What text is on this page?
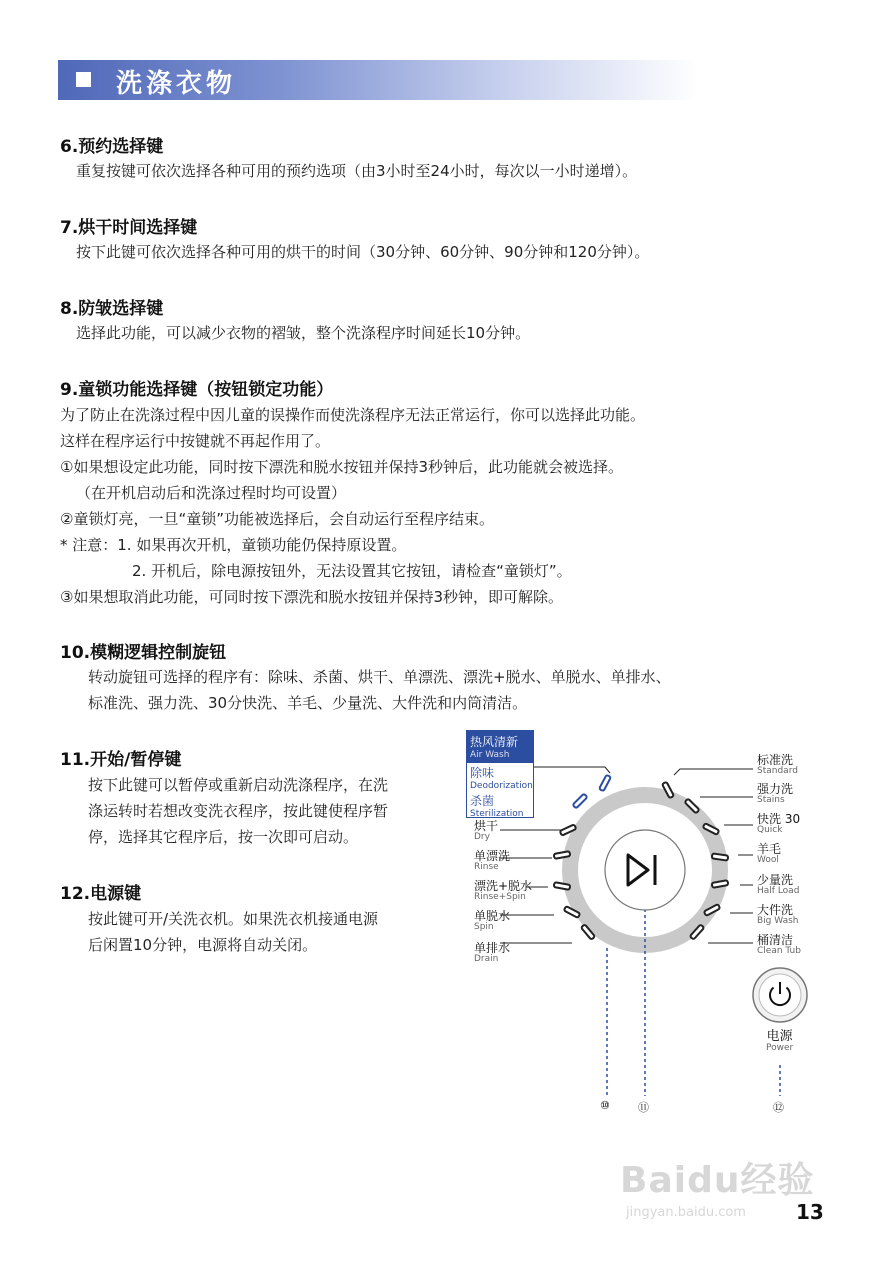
洗涤衣物
6.预约选择键
重复按键可依次选择各种可用的预约选项（由3小时至24小时，每次以一小时递增）。
7.烘干时间选择键
按下此键可依次选择各种可用的烘干的时间（30分钟、60分钟、90分钟和120分钟）。
8.防皱选择键
选择此功能，可以减少衣物的褶皱，整个洗涤程序时间延长10分钟。
9.童锁功能选择键（按钮锁定功能）
为了防止在洗涤过程中因儿童的误操作而使洗涤程序无法正常运行，你可以选择此功能。
这样在程序运行中按键就不再起作用了。
①如果想设定此功能，同时按下漂洗和脱水按钮并保持3秒钟后，此功能就会被选择。
（在开机启动后和洗涤过程时均可设置）
②童锁灯亮，一旦“童锁”功能被选择后，会自动运行至程序结束。
* 注意：1. 如果再次开机，童锁功能仍保持原设置。
2. 开机后，除电源按钮外，无法设置其它按钮，请检查“童锁灯”。
③如果想取消此功能，可同时按下漂洗和脱水按钮并保持3秒钟，即可解除。
10.模糊逻辑控制旋钮
转动旋钮可选择的程序有：除味、杀菌、烘干、单漂洗、漂洗+脱水、单脱水、单排水、
标准洗、强力洗、30分快洗、羊毛、少量洗、大件洗和内筒清洁。
11.开始/暂停键
按下此键可以暂停或重新启动洗涤程序，在洗
涤运转时若想改变洗衣程序，按此键使程序暂
停，选择其它程序后，按一次即可启动。
12.电源键
按此键可开/关洗衣机。如果洗衣机接通电源
后闲置10分钟，电源将自动关闭。
热风清新
Air Wash
除味
Deodorization
杀菌
Sterilization
烘干
Dry
单漂洗
Rinse
漂洗+脱水
Rinse+Spin
单脱水
Spin
单排水
Drain
标准洗
Standard
强力洗
Stains
快洗 30
Quick
羊毛
Wool
少量洗
Half Load
大件洗
Big Wash
桶清洁
Clean Tub
电源
Power
⑩	⑪	⑫
Baidu经验
jingyan.baidu.com	13
